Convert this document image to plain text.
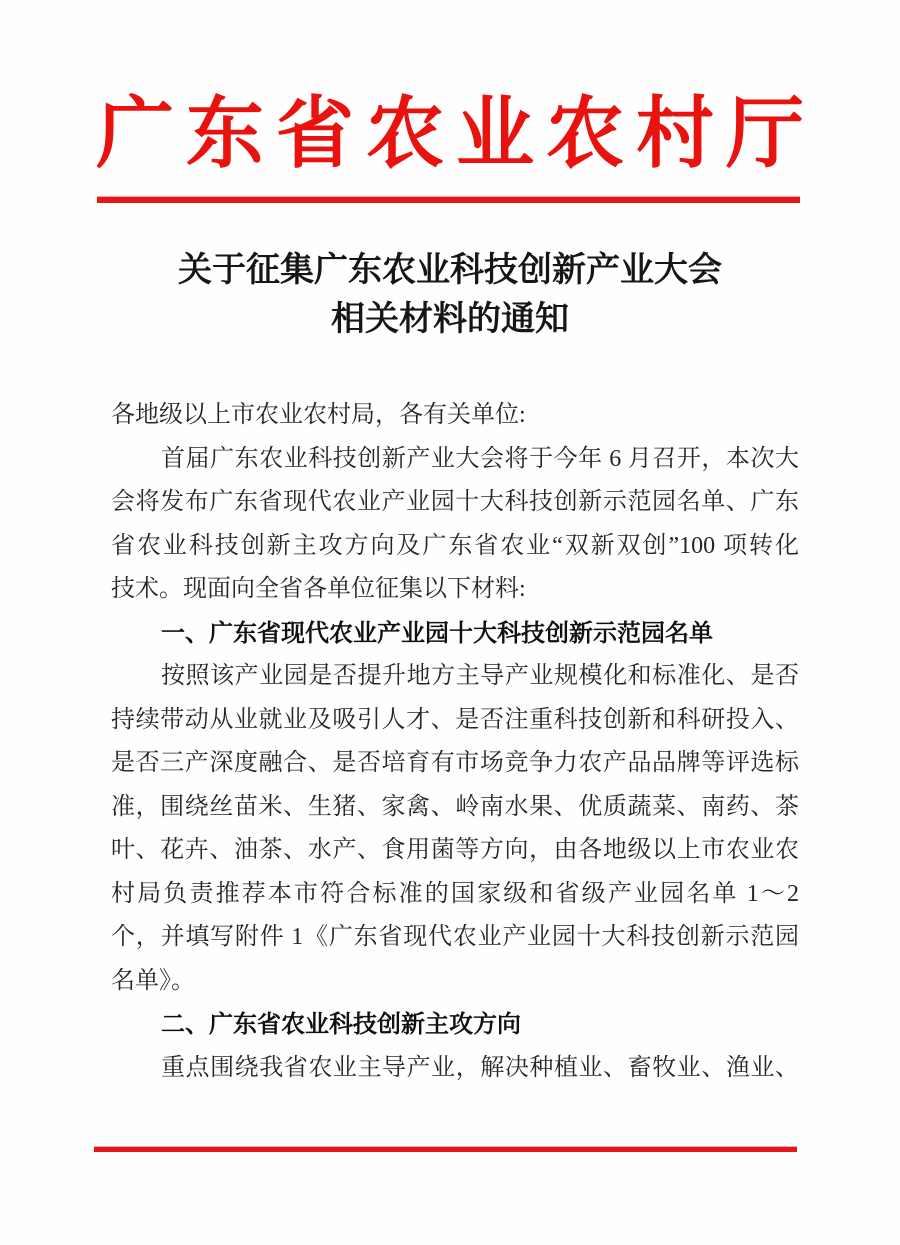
广东省农业农村厅
关于征集广东农业科技创新产业大会
相关材料的通知
各地级以上市农业农村局，各有关单位:
首届广东农业科技创新产业大会将于今年 6 月召开，本次大
会将发布广东省现代农业产业园十大科技创新示范园名单、广东
省农业科技创新主攻方向及广东省农业“双新双创”100 项转化
技术。现面向全省各单位征集以下材料:
一、广东省现代农业产业园十大科技创新示范园名单
按照该产业园是否提升地方主导产业规模化和标准化、是否
持续带动从业就业及吸引人才、是否注重科技创新和科研投入、
是否三产深度融合、是否培育有市场竞争力农产品品牌等评选标
准，围绕丝苗米、生猪、家禽、岭南水果、优质蔬菜、南药、茶
叶、花卉、油茶、水产、食用菌等方向，由各地级以上市农业农
村局负责推荐本市符合标准的国家级和省级产业园名单 1～2
个，并填写附件 1《广东省现代农业产业园十大科技创新示范园
名单》。
二、广东省农业科技创新主攻方向
重点围绕我省农业主导产业，解决种植业、畜牧业、渔业、
